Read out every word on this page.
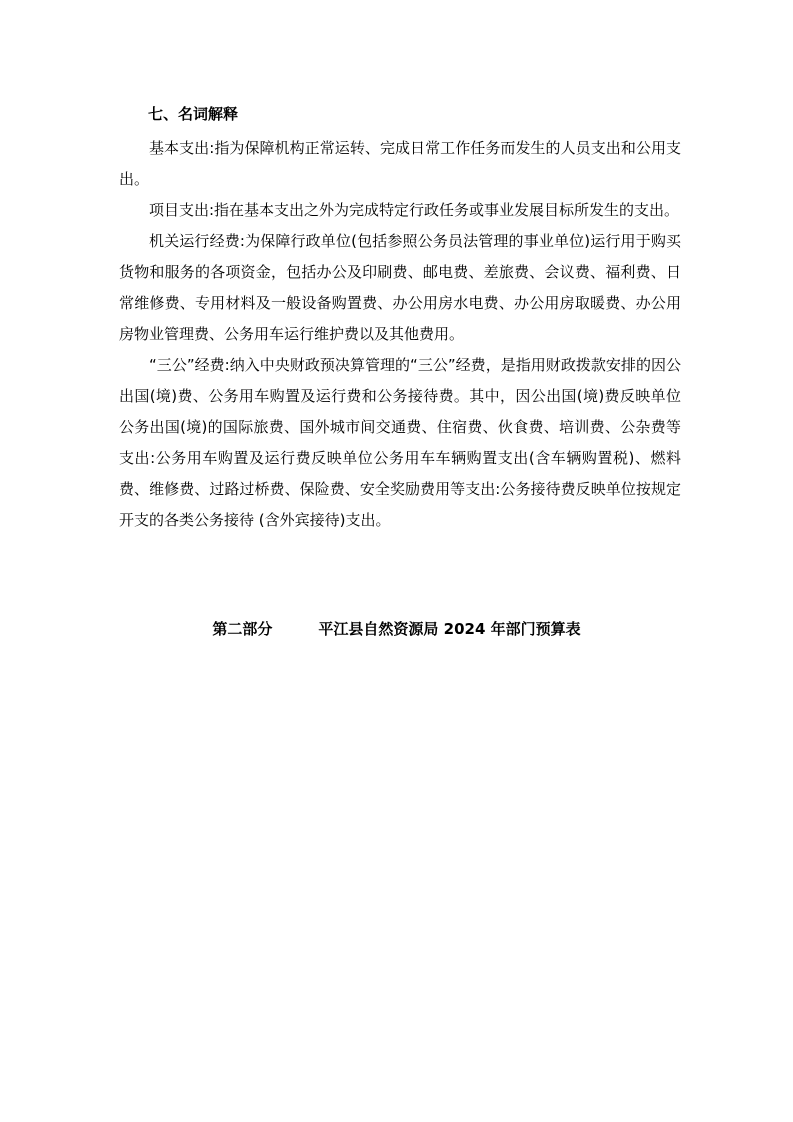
七、名词解释

基本支出:指为保障机构正常运转、完成日常工作任务而发生的人员支出和公用支出。

项目支出:指在基本支出之外为完成特定行政任务或事业发展目标所发生的支出。

机关运行经费:为保障行政单位(包括参照公务员法管理的事业单位)运行用于购买货物和服务的各项资金，包括办公及印刷费、邮电费、差旅费、会议费、福利费、日常维修费、专用材料及一般设备购置费、办公用房水电费、办公用房取暖费、办公用房物业管理费、公务用车运行维护费以及其他费用。

“三公”经费:纳入中央财政预决算管理的“三公”经费，是指用财政拨款安排的因公出国(境)费、公务用车购置及运行费和公务接待费。其中，因公出国(境)费反映单位公务出国(境)的国际旅费、国外城市间交通费、住宿费、伙食费、培训费、公杂费等支出:公务用车购置及运行费反映单位公务用车车辆购置支出(含车辆购置税)、燃料费、维修费、过路过桥费、保险费、安全奖励费用等支出:公务接待费反映单位按规定开支的各类公务接待 (含外宾接待)支出。

第二部分	平江县自然资源局 2024 年部门预算表
